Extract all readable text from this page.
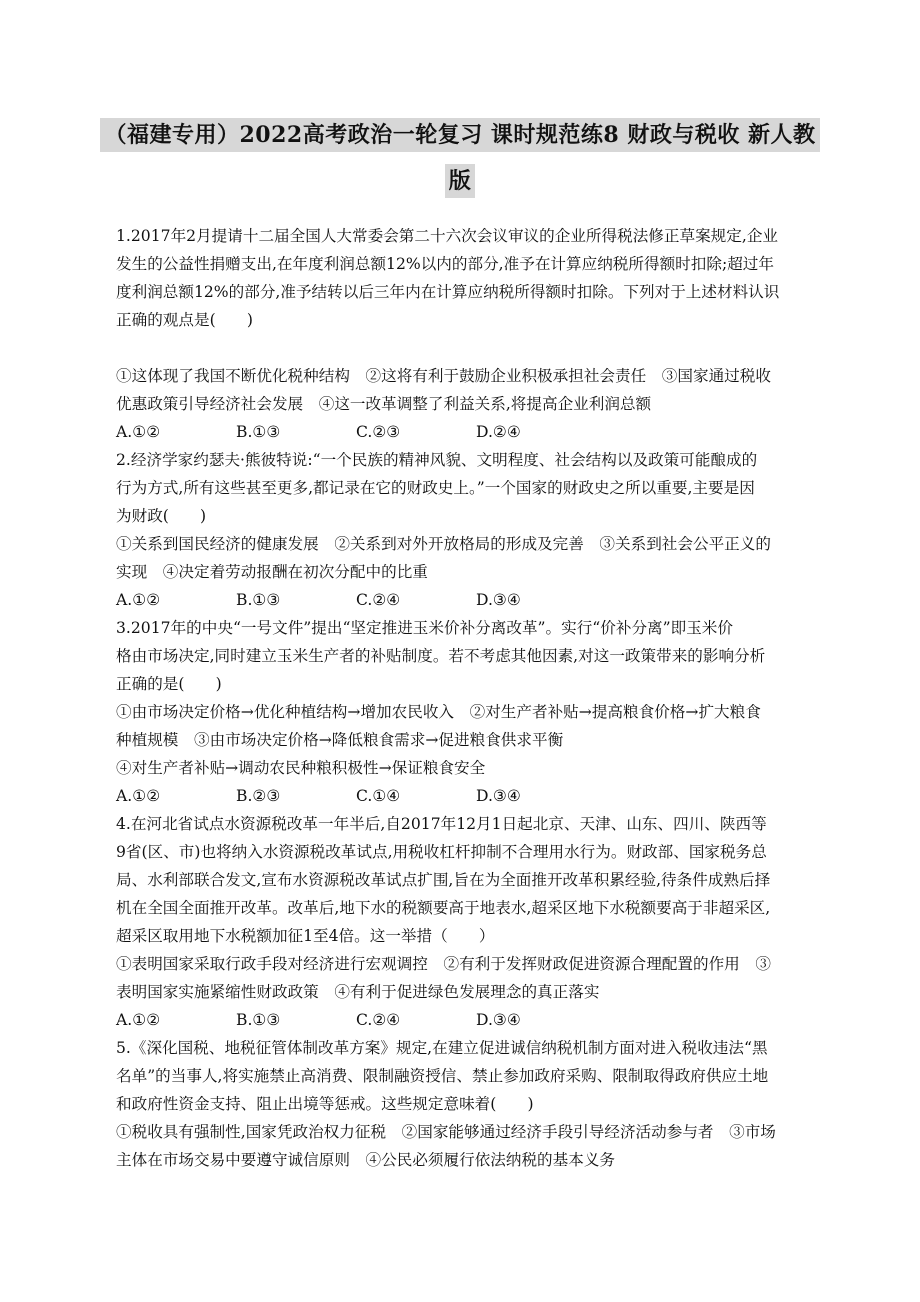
（福建专用）2022高考政治一轮复习 课时规范练8 财政与税收 新人教
版

1.2017年2月提请十二届全国人大常委会第二十六次会议审议的企业所得税法修正草案规定,企业

发生的公益性捐赠支出,在年度利润总额12%以内的部分,准予在计算应纳税所得额时扣除;超过年

度利润总额12%的部分,准予结转以后三年内在计算应纳税所得额时扣除。下列对于上述材料认识

正确的观点是(　　)

①这体现了我国不断优化税种结构　②这将有利于鼓励企业积极承担社会责任　③国家通过税收

优惠政策引导经济社会发展　④这一改革调整了利益关系,将提高企业利润总额

A.①②	B.①③	C.②③	D.②④

2.经济学家约瑟夫·熊彼特说:“一个民族的精神风貌、文明程度、社会结构以及政策可能酿成的

行为方式,所有这些甚至更多,都记录在它的财政史上。”一个国家的财政史之所以重要,主要是因

为财政(　　)

①关系到国民经济的健康发展　②关系到对外开放格局的形成及完善　③关系到社会公平正义的

实现　④决定着劳动报酬在初次分配中的比重

A.①②	B.①③	C.②④	D.③④

3.2017年的中央“一号文件”提出“坚定推进玉米价补分离改革”。实行“价补分离”即玉米价

格由市场决定,同时建立玉米生产者的补贴制度。若不考虑其他因素,对这一政策带来的影响分析

正确的是(　　)

①由市场决定价格→优化种植结构→增加农民收入　②对生产者补贴→提高粮食价格→扩大粮食

种植规模　③由市场决定价格→降低粮食需求→促进粮食供求平衡

④对生产者补贴→调动农民种粮积极性→保证粮食安全

A.①②	B.②③	C.①④	D.③④

4.在河北省试点水资源税改革一年半后,自2017年12月1日起北京、天津、山东、四川、陕西等

9省(区、市)也将纳入水资源税改革试点,用税收杠杆抑制不合理用水行为。财政部、国家税务总

局、水利部联合发文,宣布水资源税改革试点扩围,旨在为全面推开改革积累经验,待条件成熟后择

机在全国全面推开改革。改革后,地下水的税额要高于地表水,超采区地下水税额要高于非超采区,

超采区取用地下水税额加征1至4倍。这一举措（　　）

①表明国家采取行政手段对经济进行宏观调控　②有利于发挥财政促进资源合理配置的作用　③

表明国家实施紧缩性财政政策　④有利于促进绿色发展理念的真正落实

A.①②	B.①③	C.②④	D.③④

5.《深化国税、地税征管体制改革方案》规定,在建立促进诚信纳税机制方面对进入税收违法“黑

名单”的当事人,将实施禁止高消费、限制融资授信、禁止参加政府采购、限制取得政府供应土地

和政府性资金支持、阻止出境等惩戒。这些规定意味着(　　)

①税收具有强制性,国家凭政治权力征税　②国家能够通过经济手段引导经济活动参与者　③市场

主体在市场交易中要遵守诚信原则　④公民必须履行依法纳税的基本义务
